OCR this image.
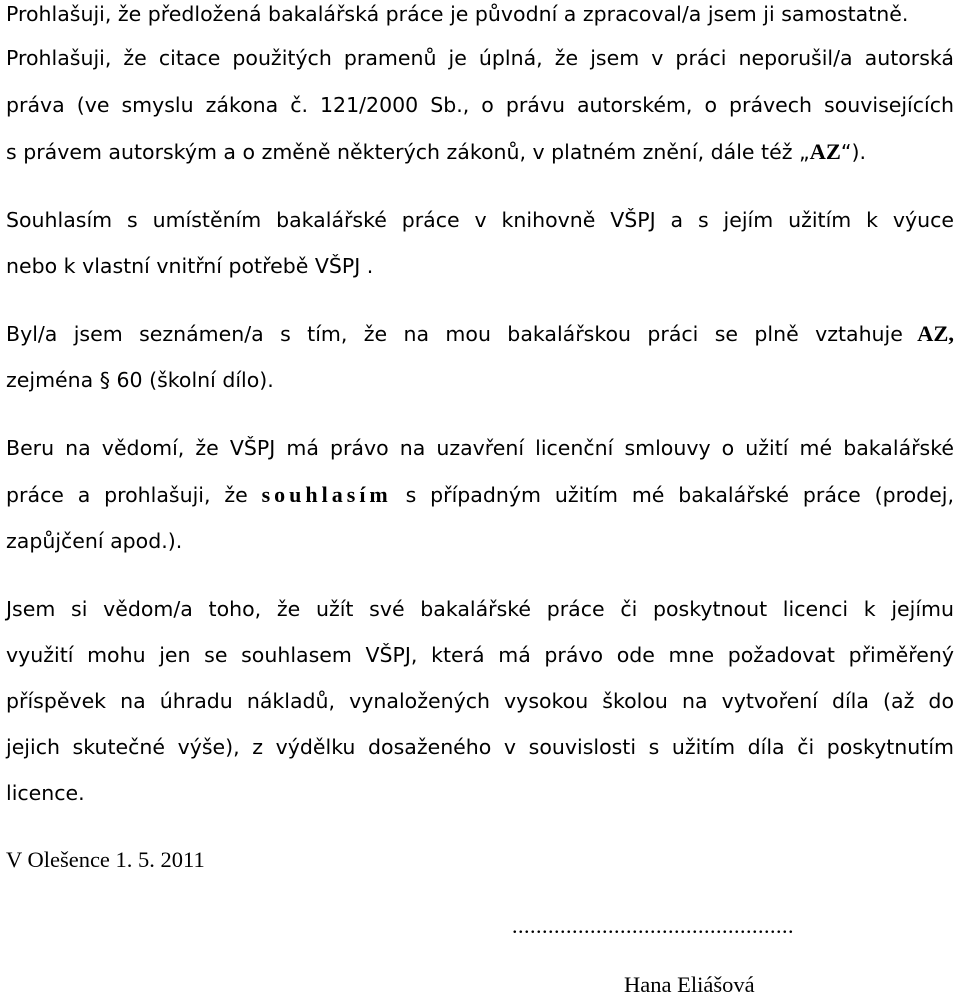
Prohlašuji, že předložená bakalářská práce je původní a zpracoval/a jsem ji samostatně.
Prohlašuji, že citace použitých pramenů je úplná, že jsem v práci neporušil/a autorská
práva (ve smyslu zákona č. 121/2000 Sb., o právu autorském, o právech souvisejících
s právem autorským a o změně některých zákonů, v platném znění, dále též „AZ“).
Souhlasím s umístěním bakalářské práce v knihovně VŠPJ a s jejím užitím k výuce
nebo k vlastní vnitřní potřebě VŠPJ .
Byl/a jsem seznámen/a s tím, že na mou bakalářskou práci se plně vztahuje AZ,
zejména § 60 (školní dílo).
Beru na vědomí, že VŠPJ má právo na uzavření licenční smlouvy o užití mé bakalářské
práce a prohlašuji, že souhlasím s případným užitím mé bakalářské práce (prodej,
zapůjčení apod.).
Jsem si vědom/a toho, že užít své bakalářské práce či poskytnout licenci k jejímu
využití mohu jen se souhlasem VŠPJ, která má právo ode mne požadovat přiměřený
příspěvek na úhradu nákladů, vynaložených vysokou školou na vytvoření díla (až do
jejich skutečné výše), z výdělku dosaženého v souvislosti s užitím díla či poskytnutím
licence.
V Olešence 1. 5. 2011
...............................................
Hana Eliášová
